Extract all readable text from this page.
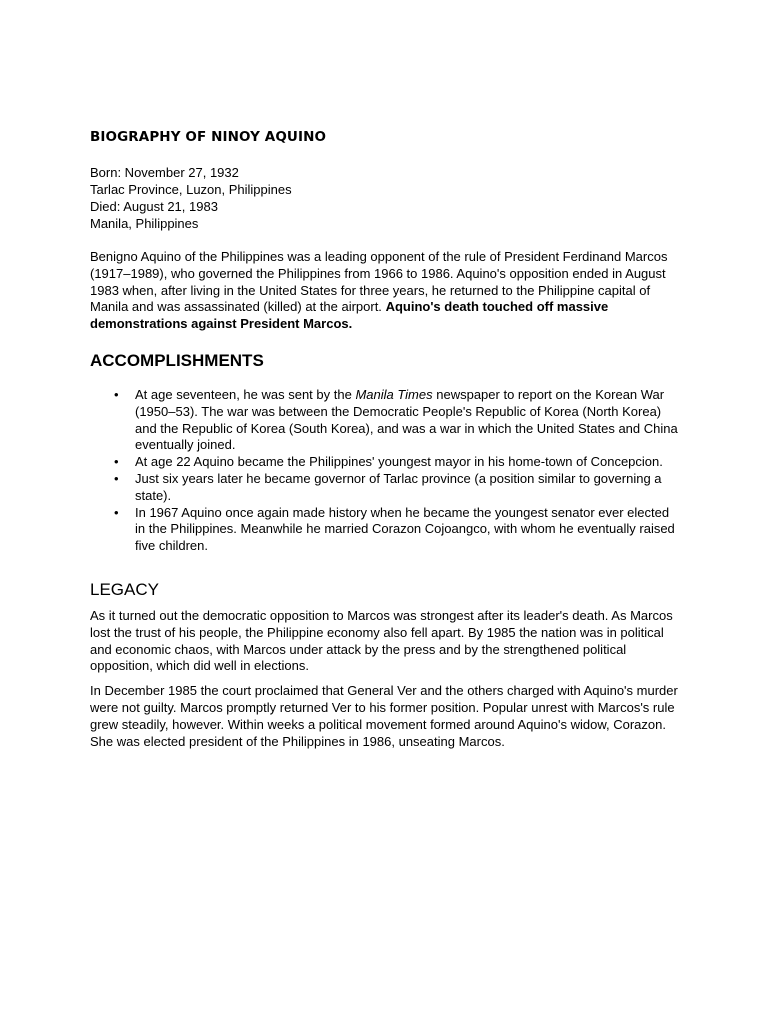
BIOGRAPHY OF NINOY AQUINO
Born: November 27, 1932
Tarlac Province, Luzon, Philippines
Died: August 21, 1983
Manila, Philippines

Benigno Aquino of the Philippines was a leading opponent of the rule of President Ferdinand Marcos (1917–1989), who governed the Philippines from 1966 to 1986. Aquino's opposition ended in August 1983 when, after living in the United States for three years, he returned to the Philippine capital of Manila and was assassinated (killed) at the airport. Aquino's death touched off massive demonstrations against President Marcos.

ACCOMPLISHMENTS
• At age seventeen, he was sent by the Manila Times newspaper to report on the Korean War (1950–53). The war was between the Democratic People's Republic of Korea (North Korea) and the Republic of Korea (South Korea), and was a war in which the United States and China eventually joined.
• At age 22 Aquino became the Philippines' youngest mayor in his home-town of Concepcion.
• Just six years later he became governor of Tarlac province (a position similar to governing a state).
• In 1967 Aquino once again made history when he became the youngest senator ever elected in the Philippines. Meanwhile he married Corazon Cojoangco, with whom he eventually raised five children.
LEGACY

As it turned out the democratic opposition to Marcos was strongest after its leader's death. As Marcos lost the trust of his people, the Philippine economy also fell apart. By 1985 the nation was in political and economic chaos, with Marcos under attack by the press and by the strengthened political opposition, which did well in elections.

In December 1985 the court proclaimed that General Ver and the others charged with Aquino's murder were not guilty. Marcos promptly returned Ver to his former position. Popular unrest with Marcos's rule grew steadily, however. Within weeks a political movement formed around Aquino's widow, Corazon. She was elected president of the Philippines in 1986, unseating Marcos.
